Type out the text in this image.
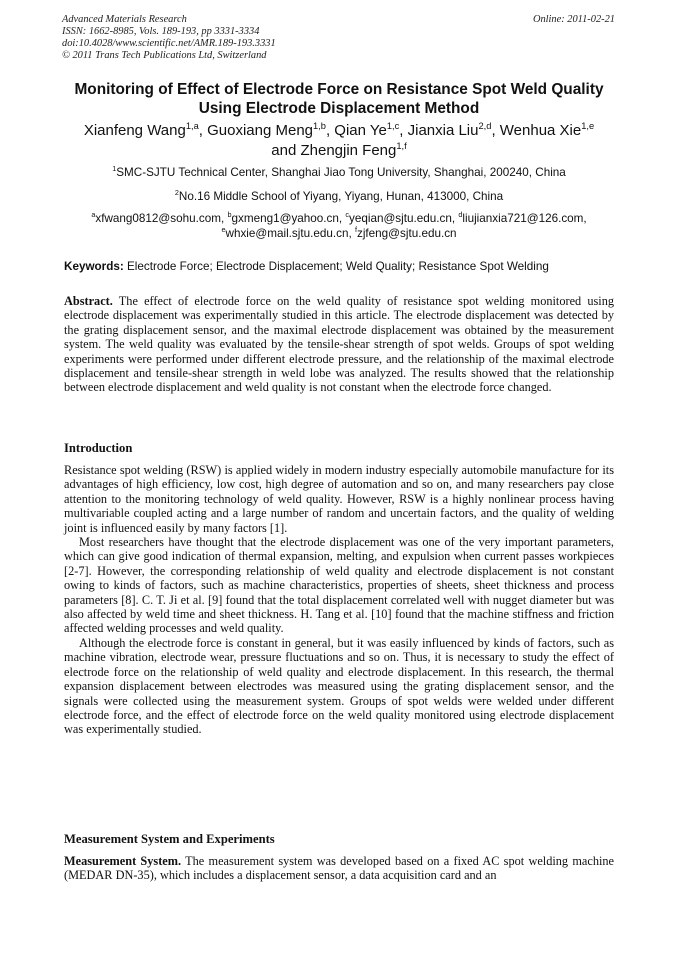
Advanced Materials Research
ISSN: 1662-8985, Vols. 189-193, pp 3331-3334
doi:10.4028/www.scientific.net/AMR.189-193.3331
© 2011 Trans Tech Publications Ltd, Switzerland
Online: 2011-02-21
Monitoring of Effect of Electrode Force on Resistance Spot Weld Quality
Using Electrode Displacement Method
Xianfeng Wang$^{1,a}$, Guoxiang Meng$^{1,b}$, Qian Ye$^{1,c}$, Jianxia Liu$^{2,d}$, Wenhua Xie$^{1,e}$
and Zhengjin Feng$^{1,f}$
$^1$SMC-SJTU Technical Center, Shanghai Jiao Tong University, Shanghai, 200240, China
$^2$No.16 Middle School of Yiyang, Yiyang, Hunan, 413000, China
$^a$xfwang0812@sohu.com, $^b$gxmeng1@yahoo.cn, $^c$yeqian@sjtu.edu.cn, $^d$liujianxia721@126.com,
$^e$whxie@mail.sjtu.edu.cn, $^f$zjfeng@sjtu.edu.cn
Keywords: Electrode Force; Electrode Displacement; Weld Quality; Resistance Spot Welding
Abstract. The effect of electrode force on the weld quality of resistance spot welding monitored using electrode displacement was experimentally studied in this article. The electrode displacement was detected by the grating displacement sensor, and the maximal electrode displacement was obtained by the measurement system. The weld quality was evaluated by the tensile-shear strength of spot welds. Groups of spot welding experiments were performed under different electrode pressure, and the relationship of the maximal electrode displacement and tensile-shear strength in weld lobe was analyzed. The results showed that the relationship between electrode displacement and weld quality is not constant when the electrode force changed.
Introduction

Resistance spot welding (RSW) is applied widely in modern industry especially automobile manufacture for its advantages of high efficiency, low cost, high degree of automation and so on, and many researchers pay close attention to the monitoring technology of weld quality. However, RSW is a highly nonlinear process having multivariable coupled acting and a large number of random and uncertain factors, and the quality of welding joint is influenced easily by many factors [1].

Most researchers have thought that the electrode displacement was one of the very important parameters, which can give good indication of thermal expansion, melting, and expulsion when current passes workpieces [2-7]. However, the corresponding relationship of weld quality and electrode displacement is not constant owing to kinds of factors, such as machine characteristics, properties of sheets, sheet thickness and process parameters [8]. C. T. Ji et al. [9] found that the total displacement correlated well with nugget diameter but was also affected by weld time and sheet thickness. H. Tang et al. [10] found that the machine stiffness and friction affected welding processes and weld quality.

Although the electrode force is constant in general, but it was easily influenced by kinds of factors, such as machine vibration, electrode wear, pressure fluctuations and so on. Thus, it is necessary to study the effect of electrode force on the relationship of weld quality and electrode displacement. In this research, the thermal expansion displacement between electrodes was measured using the grating displacement sensor, and the signals were collected using the measurement system. Groups of spot welds were welded under different electrode force, and the effect of electrode force on the weld quality monitored using electrode displacement was experimentally studied.

Measurement System and Experiments
Measurement System. The measurement system was developed based on a fixed AC spot welding machine (MEDAR DN-35), which includes a displacement sensor, a data acquisition card and an
